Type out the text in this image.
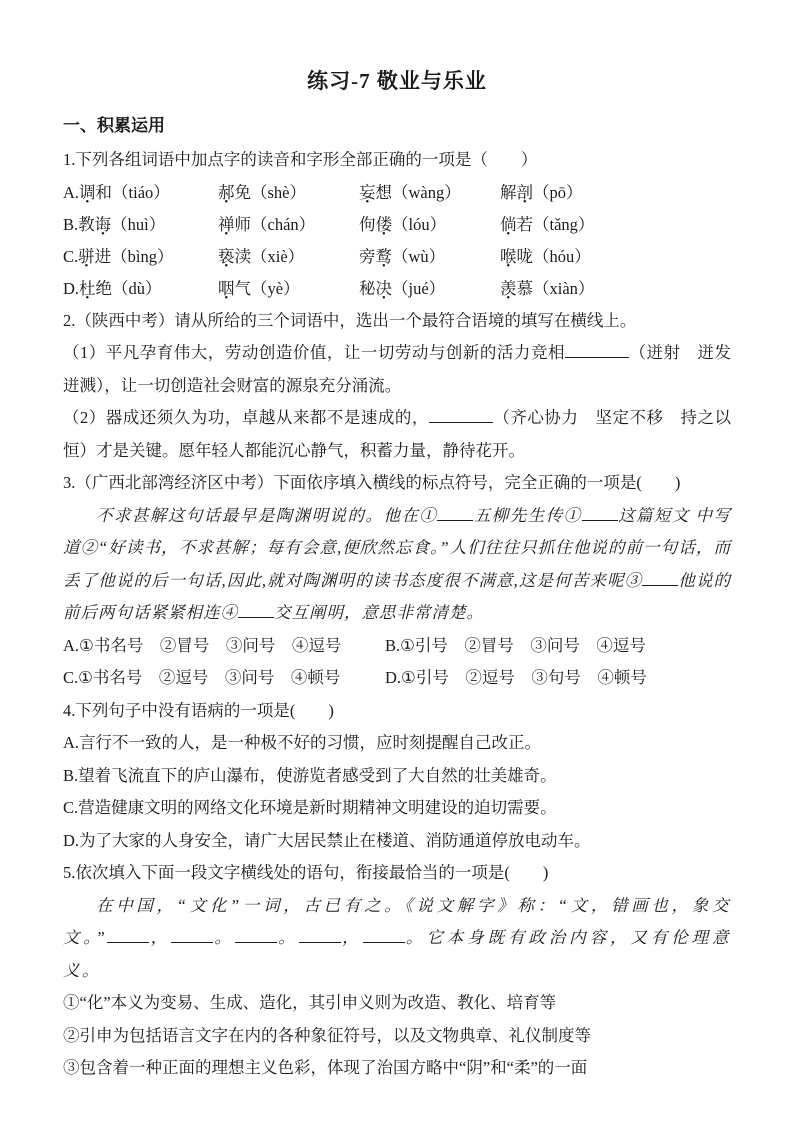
练习-7 敬业与乐业
一、积累运用

1.下列各组词语中加点字的读音和字形全部正确的一项是（　　）

A.调和（tiáo）	郝免（shè）	妄想（wàng）	解剖（pō）
B.教诲（huì）	禅师（chán）	佝偻（lóu）	倘若（tǎng）
C.骈进（bìng）	亵渎（xiè）	旁鹜（wù）	喉咙（hóu）
D.杜绝（dù）	咽气（yè）	秘决（jué）	羡慕（xiàn）

2.（陕西中考）请从所给的三个词语中，选出一个最符合语境的填写在横线上。

（1）平凡孕育伟大，劳动创造价值，让一切劳动与创新的活力竞相	（迸射　迸发　迸溅），让一切创造社会财富的源泉充分涌流。

（2）器成还须久为功，卓越从来都不是速成的，	（齐心协力　坚定不移　持之以恒）才是关键。愿年轻人都能沉心静气，积蓄力量，静待花开。

3.（广西北部湾经济区中考）下面依序填入横线的标点符号，完全正确的一项是(　　)

不求甚解这句话最早是陶渊明说的。他在① 五柳先生传① 这篇短文 中写道②“好读书，不求甚解；每有会意,便欣然忘食。”人们往往只抓住他说的前一句话，而丢了他说的后一句话,因此,就对陶渊明的读书态度很不满意,这是何苦来呢③ 他说的前后两句话紧紧相连④ 交互阐明，意思非常清楚。

A.①书名号　②冒号　③问号　④逗号	B.①引号　②冒号　③问号　④逗号
C.①书名号　②逗号　③问号　④顿号	D.①引号　②逗号　③句号　④顿号

4.下列句子中没有语病的一项是(　　)

A.言行不一致的人，是一种极不好的习惯，应时刻提醒自己改正。

B.望着飞流直下的庐山瀑布，使游览者感受到了大自然的壮美雄奇。

C.营造健康文明的网络文化环境是新时期精神文明建设的迫切需要。

D.为了大家的人身安全，请广大居民禁止在楼道、消防通道停放电动车。

5.依次填入下面一段文字横线处的语句，衔接最恰当的一项是(　　)

在中国，“文化”一词，古已有之。《说文解字》称：“文，错画也，象交文。”	，	。	。	，	。它本身既有政治内容，又有伦理意义。

①“化”本义为变易、生成、造化，其引申义则为改造、教化、培育等

②引申为包括语言文字在内的各种象征符号，以及文物典章、礼仪制度等

③包含着一种正面的理想主义色彩，体现了治国方略中“阴”和“柔”的一面
